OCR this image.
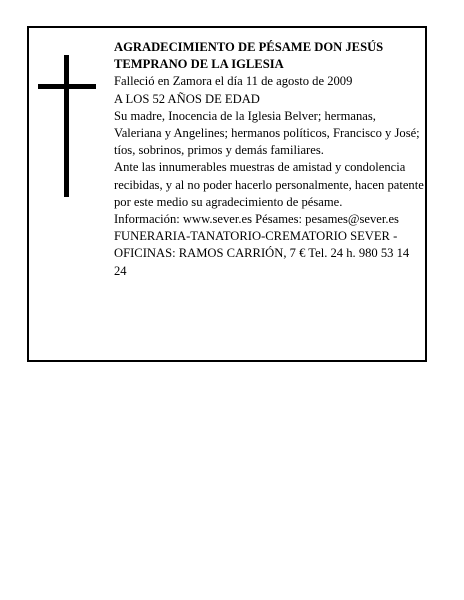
AGRADECIMIENTO DE PÉSAME DON JESÚS TEMPRANO DE LA IGLESIA
Falleció en Zamora el día 11 de agosto de 2009
A LOS 52 AÑOS DE EDAD
Su madre, Inocencia de la Iglesia Belver; hermanas, Valeriana y Angelines; hermanos políticos, Francisco y José; tíos, sobrinos, primos y demás familiares.
Ante las innumerables muestras de amistad y condolencia recibidas, y al no poder hacerlo personalmente, hacen patente por este medio su agradecimiento de pésame.
Información: www.sever.es Pésames: pesames@sever.es
FUNERARIA-TANATORIO-CREMATORIO SEVER - OFICINAS: RAMOS CARRIÓN, 7 € Tel. 24 h. 980 53 14 24
